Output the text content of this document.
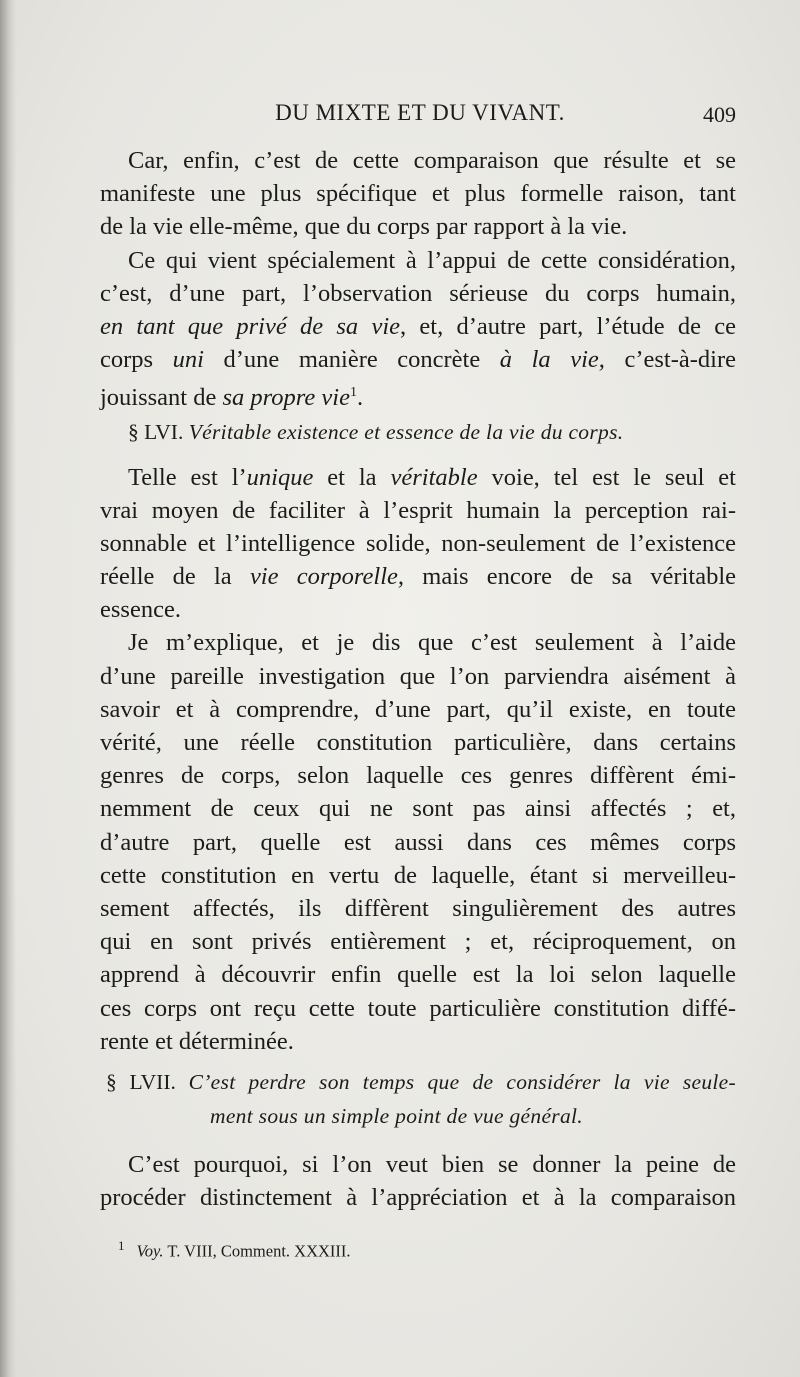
DU MIXTE ET DU VIVANT.	409
Car, enfin, c’est de cette comparaison que résulte et se
manifeste une plus spécifique et plus formelle raison, tant
de la vie elle-même, que du corps par rapport à la vie.
Ce qui vient spécialement à l’appui de cette considération,
c’est, d’une part, l’observation sérieuse du corps humain,
en tant que privé de sa vie, et, d’autre part, l’étude de ce
corps uni d’une manière concrète à la vie, c’est-à-dire
jouissant de sa propre vie$^1$.
§ LVI. Véritable existence et essence de la vie du corps.
Telle est l’unique et la véritable voie, tel est le seul et
vrai moyen de faciliter à l’esprit humain la perception rai-
sonnable et l’intelligence solide, non-seulement de l’existence
réelle de la vie corporelle, mais encore de sa véritable
essence.
Je m’explique, et je dis que c’est seulement à l’aide
d’une pareille investigation que l’on parviendra aisément à
savoir et à comprendre, d’une part, qu’il existe, en toute
vérité, une réelle constitution particulière, dans certains
genres de corps, selon laquelle ces genres diffèrent émi-
nemment de ceux qui ne sont pas ainsi affectés ; et,
d’autre part, quelle est aussi dans ces mêmes corps
cette constitution en vertu de laquelle, étant si merveilleu-
sement affectés, ils diffèrent singulièrement des autres
qui en sont privés entièrement ; et, réciproquement, on
apprend à découvrir enfin quelle est la loi selon laquelle
ces corps ont reçu cette toute particulière constitution diffé-
rente et déterminée.
§ LVII. C’est perdre son temps que de considérer la vie seule-
ment sous un simple point de vue général.
C’est pourquoi, si l’on veut bien se donner la peine de
procéder distinctement à l’appréciation et à la comparaison
$^1$ Voy. T. VIII, Comment. XXXIII.
